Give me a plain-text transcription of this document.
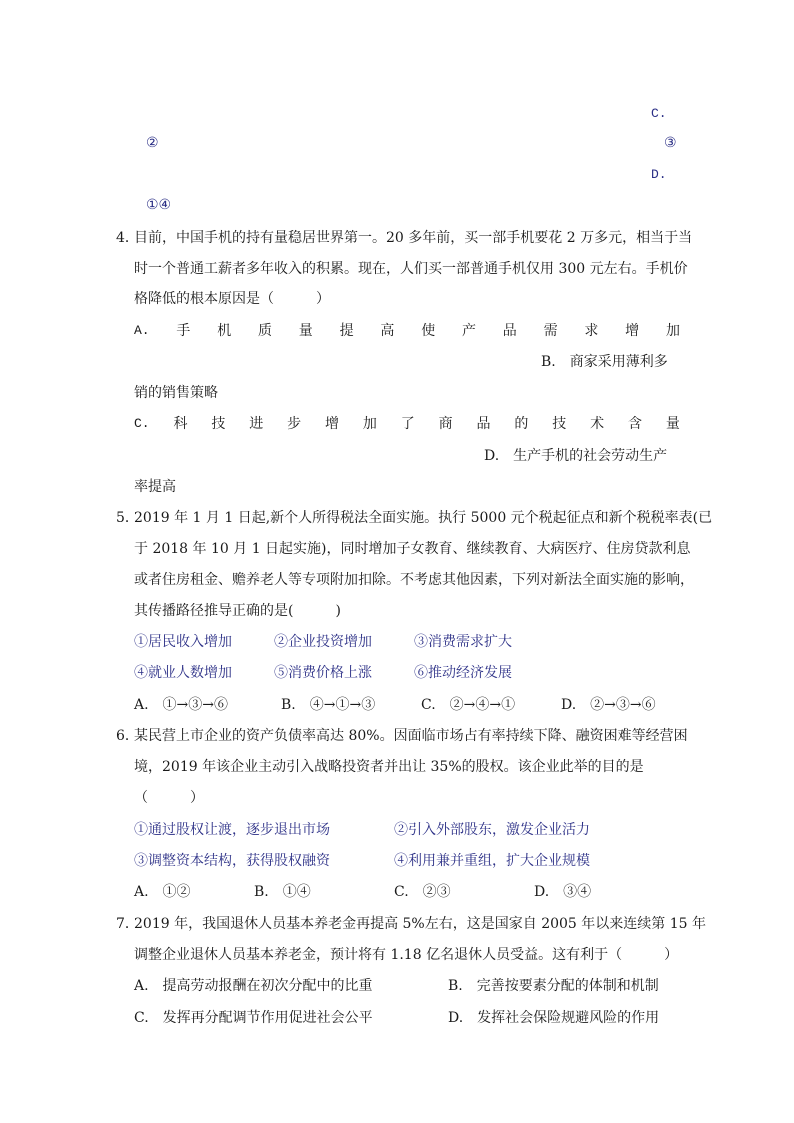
C.
②	③
D.
①④
4．
目前，中国手机的持有量稳居世界第一。20 多年前，买一部手机要花 2 万多元，相当于当
时一个普通工薪者多年收入的积累。现在，人们买一部普通手机仅用 300 元左右。手机价
格降低的根本原因是（　　　）
A. 手 机 质 量 提 高 使 产 品 需 求 增 加
B.　商家采用薄利多
销的销售策略
C. 科 技 进 步 增 加 了 商 品 的 技 术 含 量
D.　生产手机的社会劳动生产
率提高
5．
2019 年 1 月 1 日起,新个人所得税法全面实施。执行 5000 元个税起征点和新个税税率表(已
于 2018 年 10 月 1 日起实施)，同时增加子女教育、继续教育、大病医疗、住房贷款利息
或者住房租金、赡养老人等专项附加扣除。不考虑其他因素，下列对新法全面实施的影响，
其传播路径推导正确的是(　　　)
①居民收入增加	②企业投资增加	③消费需求扩大
④就业人数增加	⑤消费价格上涨	⑥推动经济发展
A.　①→③→⑥	B.　④→①→③	C.　②→④→①	D.　②→③→⑥
6．
某民营上市企业的资产负债率高达 80%。因面临市场占有率持续下降、融资困难等经营困
境，2019 年该企业主动引入战略投资者并出让 35%的股权。该企业此举的目的是
（　　　）
①通过股权让渡，逐步退出市场	②引入外部股东，激发企业活力
③调整资本结构，获得股权融资	④利用兼并重组，扩大企业规模
A.　①②	B.　①④	C.　②③	D.　③④
7．
2019 年，我国退休人员基本养老金再提高 5%左右，这是国家自 2005 年以来连续第 15 年
调整企业退休人员基本养老金，预计将有 1.18 亿名退休人员受益。这有利于（　　　）
A.　提高劳动报酬在初次分配中的比重	B.　完善按要素分配的体制和机制
C.　发挥再分配调节作用促进社会公平	D.　发挥社会保险规避风险的作用
